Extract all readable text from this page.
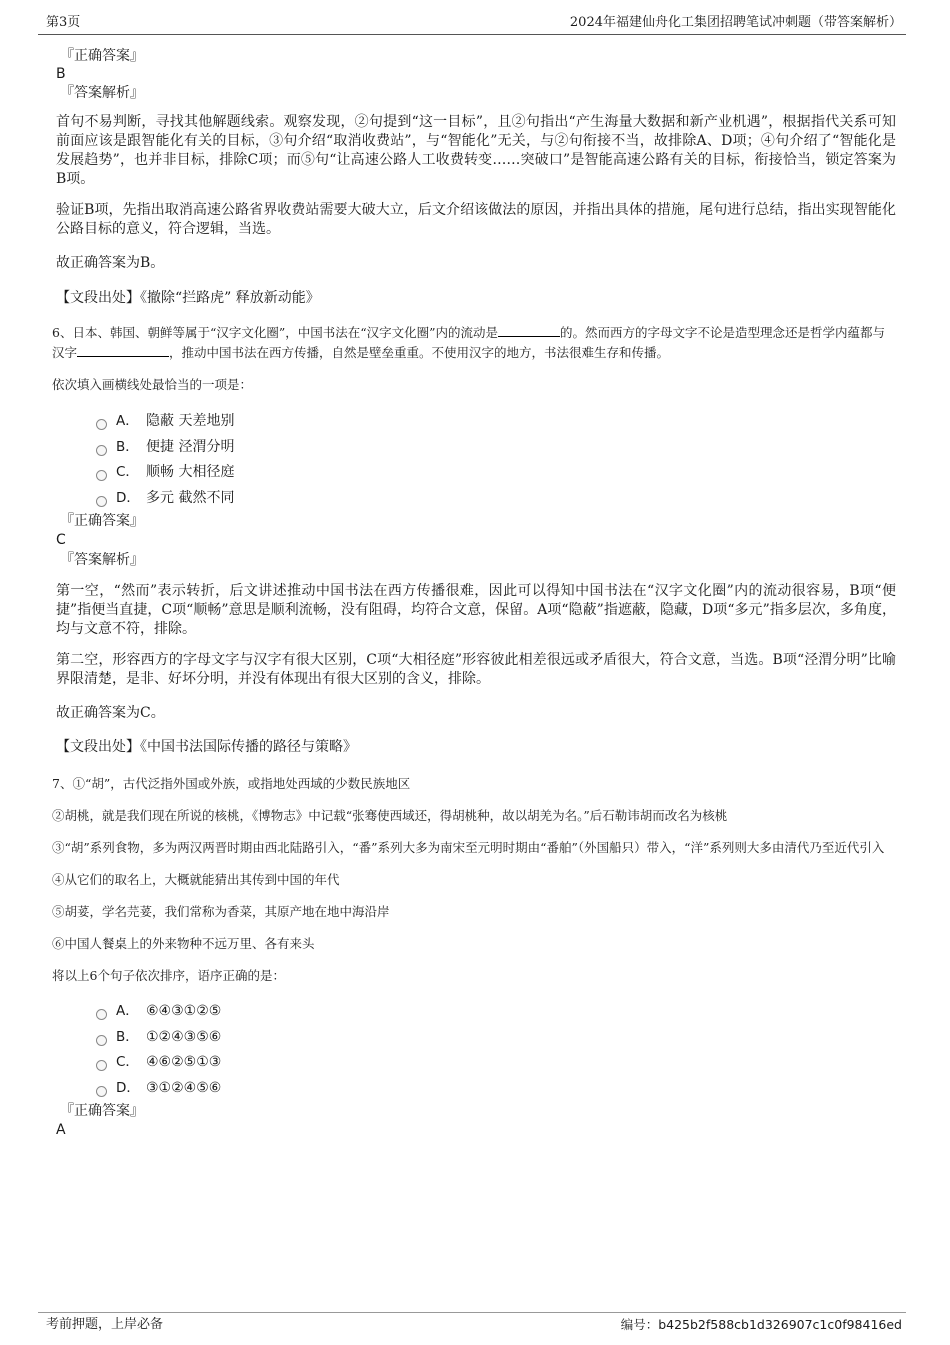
第3页	2024年福建仙舟化工集团招聘笔试冲刺题（带答案解析）
『正确答案』
B
『答案解析』

首句不易判断，寻找其他解题线索。观察发现，②句提到“这一目标”，且②句指出“产生海量大数据和新产业机遇”，根据指代关系可知前面应该是跟智能化有关的目标，③句介绍“取消收费站”，与“智能化”无关，与②句衔接不当，故排除A、D项；④句介绍了“智能化是发展趋势”，也并非目标，排除C项；而⑤句“让高速公路人工收费转变……突破口”是智能高速公路有关的目标，衔接恰当，锁定答案为B项。

验证B项，先指出取消高速公路省界收费站需要大破大立，后文介绍该做法的原因，并指出具体的措施，尾句进行总结，指出实现智能化公路目标的意义，符合逻辑，当选。

故正确答案为B。

【文段出处】《撤除“拦路虎” 释放新动能》

6、日本、韩国、朝鲜等属于“汉字文化圈”，中国书法在“汉字文化圈”内的流动是	的。然而西方的字母文字不论是造型理念还是哲学内蕴都与汉字	，推动中国书法在西方传播，自然是壁垒重重。不使用汉字的地方，书法很难生存和传播。

依次填入画横线处最恰当的一项是：

A． 隐蔽 天差地别
B． 便捷 泾渭分明
C． 顺畅 大相径庭
D． 多元 截然不同
『正确答案』
C
『答案解析』

第一空，“然而”表示转折，后文讲述推动中国书法在西方传播很难，因此可以得知中国书法在“汉字文化圈”内的流动很容易，B项“便捷”指便当直捷，C项“顺畅”意思是顺利流畅，没有阻碍，均符合文意，保留。A项“隐蔽”指遮蔽，隐藏，D项“多元”指多层次，多角度，均与文意不符，排除。

第二空，形容西方的字母文字与汉字有很大区别，C项“大相径庭”形容彼此相差很远或矛盾很大，符合文意，当选。B项“泾渭分明”比喻界限清楚，是非、好坏分明，并没有体现出有很大区别的含义，排除。

故正确答案为C。

【文段出处】《中国书法国际传播的路径与策略》

7、①“胡”，古代泛指外国或外族，或指地处西域的少数民族地区

②胡桃，就是我们现在所说的核桃，《博物志》中记载“张骞使西域还，得胡桃种，故以胡羌为名。”后石勒讳胡而改名为核桃

③“胡”系列食物，多为两汉两晋时期由西北陆路引入，“番”系列大多为南宋至元明时期由“番舶”（外国船只）带入，“洋”系列则大多由清代乃至近代引入

④从它们的取名上，大概就能猜出其传到中国的年代

⑤胡荽，学名芫荽，我们常称为香菜，其原产地在地中海沿岸

⑥中国人餐桌上的外来物种不远万里、各有来头

将以上6个句子依次排序，语序正确的是：

A． ⑥④③①②⑤
B． ①②④③⑤⑥
C． ④⑥②⑤①③
D． ③①②④⑤⑥
『正确答案』
A
考前押题，上岸必备	编号：b425b2f588cb1d326907c1c0f98416ed
